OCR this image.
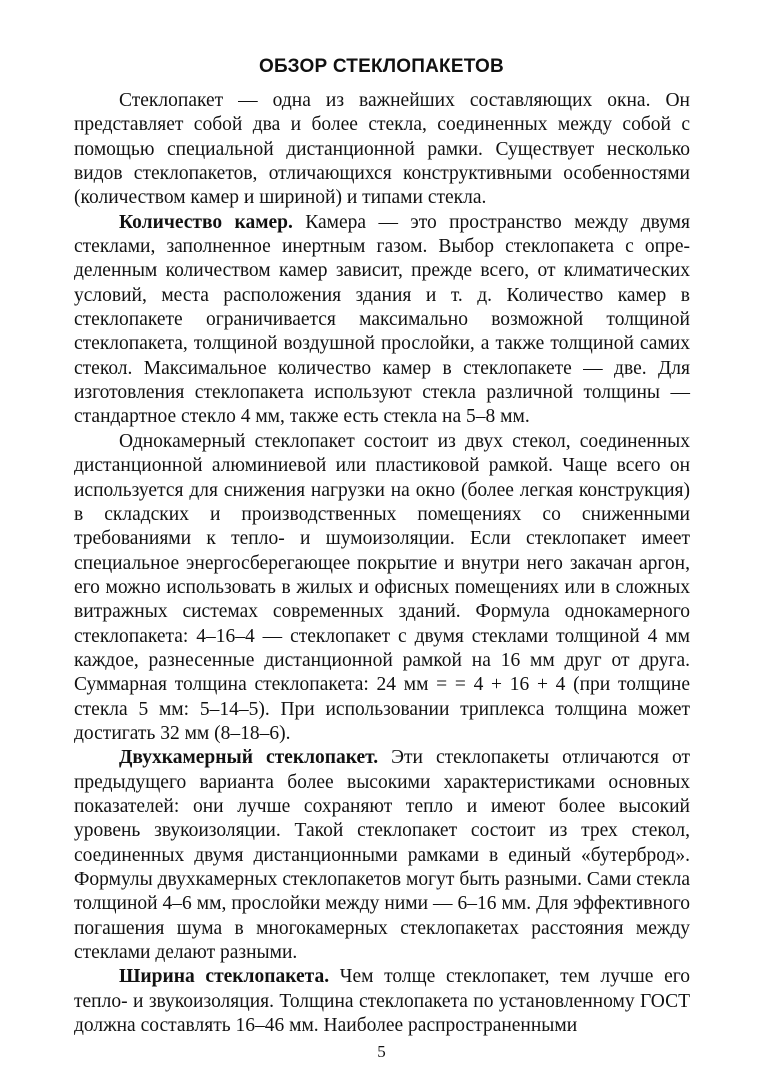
ОБЗОР СТЕКЛОПАКЕТОВ

Стеклопакет — одна из важнейших составляющих окна. Он представляет собой два и более стекла, соединенных между собой с помощью специальной дистанционной рамки. Существует несколько видов стеклопакетов, отличающихся конструктивными особенностями (количеством камер и шириной) и типами стекла.

Количество камер. Камера — это пространство между двумя стеклами, заполненное инертным газом. Выбор стеклопакета с определенным количеством камер зависит, прежде всего, от климатических условий, места расположения здания и т. д. Количество камер в стеклопакете ограничивается максимально возможной толщиной стеклопакета, толщиной воздушной прослойки, а также толщиной самих стекол. Максимальное количество камер в стеклопакете — две. Для изготовления стеклопакета используют стекла различной толщины — стандартное стекло 4 мм, также есть стекла на 5–8 мм.

Однокамерный стеклопакет состоит из двух стекол, соединенных дистанционной алюминиевой или пластиковой рамкой. Чаще всего он используется для снижения нагрузки на окно (более легкая конструкция) в складских и производственных помещениях со сниженными требованиями к тепло- и шумоизоляции. Если стеклопакет имеет специальное энергосберегающее покрытие и внутри него закачан аргон, его можно использовать в жилых и офисных помещениях или в сложных витражных системах современных зданий. Формула однокамерного стеклопакета: 4–16–4 — стеклопакет с двумя стеклами толщиной 4 мм каждое, разнесенные дистанционной рамкой на 16 мм друг от друга. Суммарная толщина стеклопакета: 24 мм = = 4 + 16 + 4 (при толщине стекла 5 мм: 5–14–5). При использовании триплекса толщина может достигать 32 мм (8–18–6).

Двухкамерный стеклопакет. Эти стеклопакеты отличаются от предыдущего варианта более высокими характеристиками основных показателей: они лучше сохраняют тепло и имеют более высокий уровень звукоизоляции. Такой стеклопакет состоит из трех стекол, соединенных двумя дистанционными рамками в единый «бутерброд». Формулы двухкамерных стеклопакетов могут быть разными. Сами стекла толщиной 4–6 мм, прослойки между ними — 6–16 мм. Для эффективного погашения шума в многокамерных стеклопакетах расстояния между стеклами делают разными.

Ширина стеклопакета. Чем толще стеклопакет, тем лучше его тепло- и звукоизоляция. Толщина стеклопакета по установленному ГОСТ должна составлять 16–46 мм. Наиболее распространенными

5
